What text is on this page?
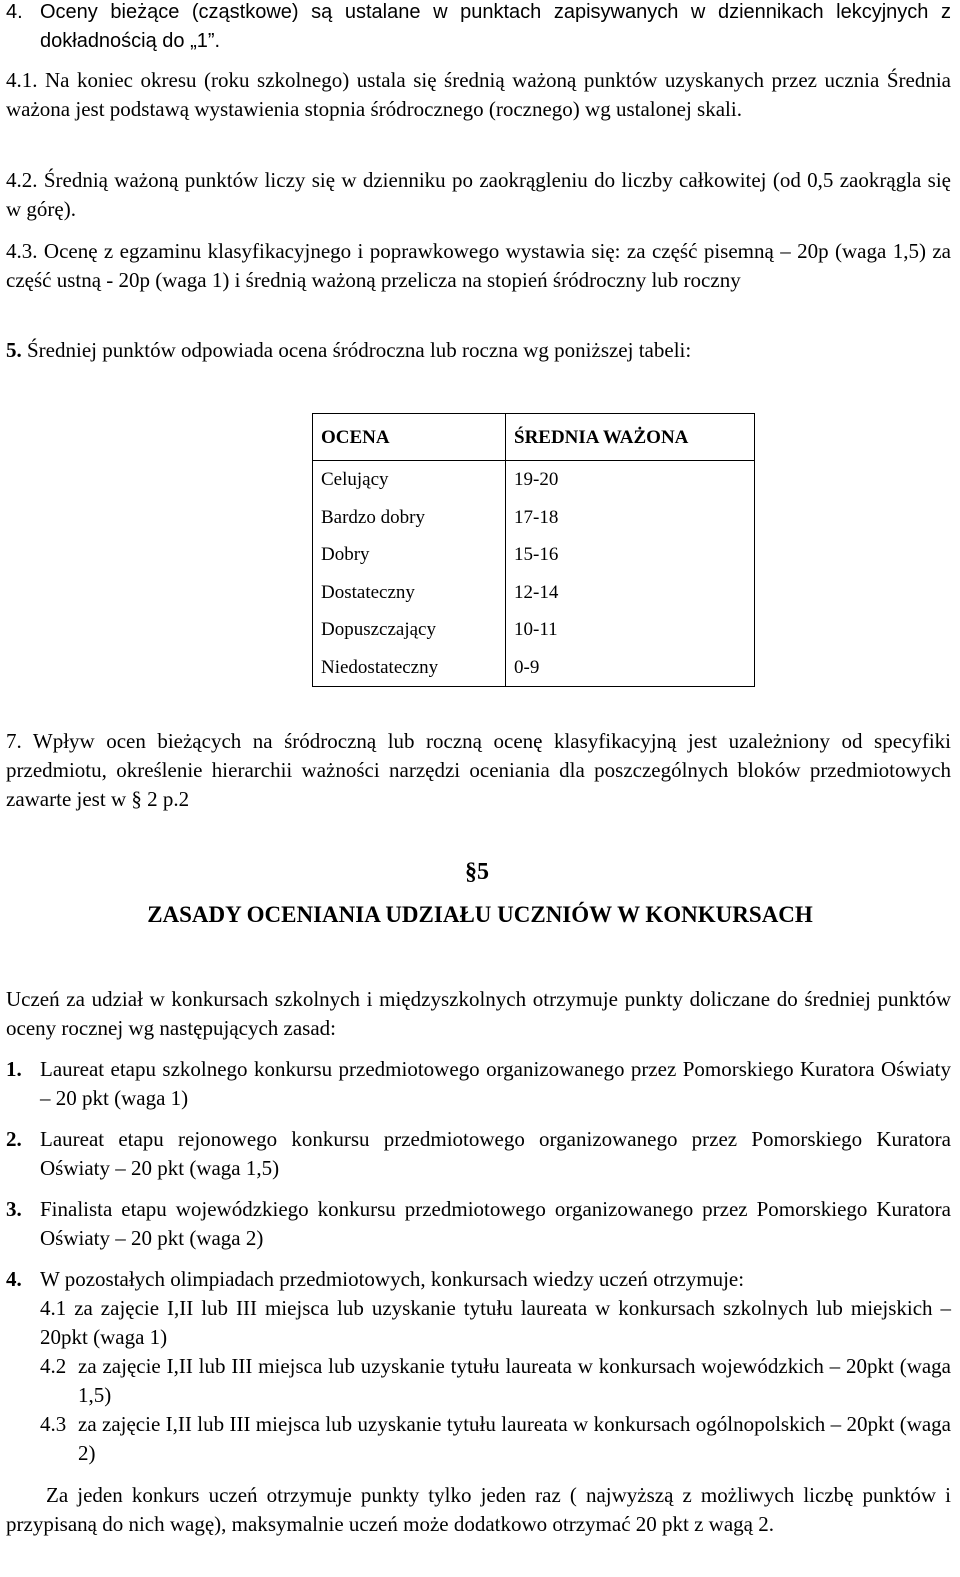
4. Oceny bieżące (cząstkowe) są ustalane w punktach zapisywanych w dziennikach lekcyjnych z dokładnością do „1”.
4.1. Na koniec okresu (roku szkolnego) ustala się średnią ważoną punktów uzyskanych przez ucznia Średnia ważona jest podstawą wystawienia stopnia śródrocznego (rocznego) wg ustalonej skali.
4.2. Średnią ważoną punktów liczy się w dzienniku po zaokrągleniu do liczby całkowitej (od 0,5 zaokrągla się w górę).
4.3. Ocenę z egzaminu klasyfikacyjnego i poprawkowego wystawia się: za część pisemną – 20p (waga 1,5) za część ustną - 20p (waga 1) i średnią ważoną przelicza na stopień śródroczny lub roczny
5. Średniej punktów odpowiada ocena śródroczna lub roczna wg poniższej tabeli:
OCENA	ŚREDNIA WAŻONA
Celujący	19-20
Bardzo dobry	17-18
Dobry	15-16
Dostateczny	12-14
Dopuszczający	10-11
Niedostateczny	0-9
7. Wpływ ocen bieżących na śródroczną lub roczną ocenę klasyfikacyjną jest uzależniony od specyfiki przedmiotu, określenie hierarchii ważności narzędzi oceniania dla poszczególnych bloków przedmiotowych zawarte jest w § 2 p.2
§5
ZASADY OCENIANIA UDZIAŁU UCZNIÓW W KONKURSACH
Uczeń za udział w konkursach szkolnych i międzyszkolnych otrzymuje punkty doliczane do średniej punktów oceny rocznej wg następujących zasad:
1. Laureat etapu szkolnego konkursu przedmiotowego organizowanego przez Pomorskiego Kuratora Oświaty – 20 pkt (waga 1)
2. Laureat etapu rejonowego konkursu przedmiotowego organizowanego przez Pomorskiego Kuratora Oświaty – 20 pkt (waga 1,5)
3. Finalista etapu wojewódzkiego konkursu przedmiotowego organizowanego przez Pomorskiego Kuratora Oświaty – 20 pkt (waga 2)
4. W pozostałych olimpiadach przedmiotowych, konkursach wiedzy uczeń otrzymuje:
4.1 za zajęcie I,II lub III miejsca lub uzyskanie tytułu laureata w konkursach szkolnych lub miejskich – 20pkt (waga 1)
4.2 za zajęcie I,II lub III miejsca lub uzyskanie tytułu laureata w konkursach wojewódzkich – 20pkt (waga 1,5)
4.3 za zajęcie I,II lub III miejsca lub uzyskanie tytułu laureata w konkursach ogólnopolskich – 20pkt (waga 2)
Za jeden konkurs uczeń otrzymuje punkty tylko jeden raz ( najwyższą z możliwych liczbę punktów i przypisaną do nich wagę), maksymalnie uczeń może dodatkowo otrzymać 20 pkt z wagą 2.
